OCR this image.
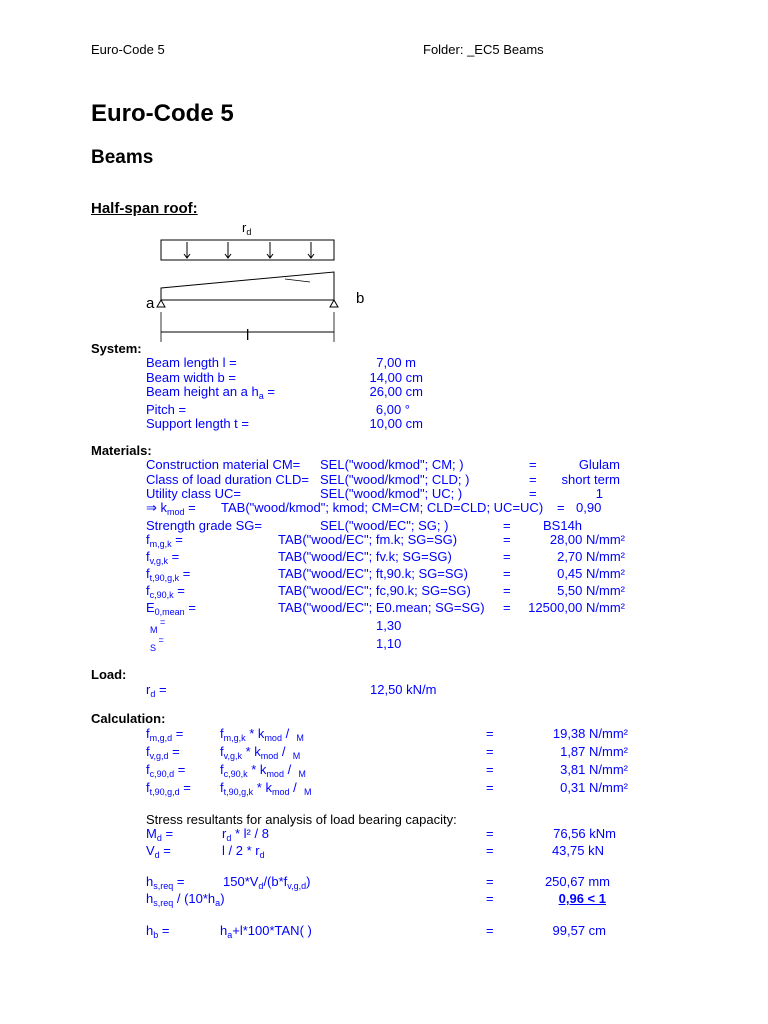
Euro-Code 5	Folder: _EC5 Beams
Euro-Code 5
Beams
Half-span roof:
$r_d$
a	b
l
System:
Beam length l =	7,00 m
Beam width b =	14,00 cm
Beam height an a $h_a$ =	26,00 cm
Pitch =	6,00 °
Support length t =	10,00 cm
Materials:
Construction material CM= SEL("wood/kmod"; CM; )	=	Glulam
Class of load duration CLD= SEL("wood/kmod"; CLD; )	=	short term
Utility class UC=	SEL("wood/kmod"; UC; )	=	1
⇒ $k_{mod}$ = TAB("wood/kmod"; kmod; CM=CM; CLD=CLD; UC=UC) = 0,90
Strength grade SG=	SEL("wood/EC"; SG; )	= BS14h
$f_{m,g,k}$ =	TAB("wood/EC"; fm.k; SG=SG)	=	28,00 N/mm²
$f_{v,g,k}$ =	TAB("wood/EC"; fv.k; SG=SG)	=	2,70 N/mm²
$f_{t,90,g,k}$ =	TAB("wood/EC"; ft,90.k; SG=SG)	=	0,45 N/mm²
$f_{c,90,k}$ =	TAB("wood/EC"; fc,90.k; SG=SG) =	5,50 N/mm²
$E_{0,mean}$ =	TAB("wood/EC"; E0.mean; SG=SG) =	12500,00 N/mm²
$_M$ =	1,30
$_S$ =	1,10
Load:
$r_d$ =	12,50 kN/m
Calculation:
$f_{m,g,d}$ =	$f_{m,g,k} * k_{mod} / _M$	=	19,38 N/mm²
$f_{v,g,d}$ =	$f_{v,g,k} * k_{mod} / _M$	=	1,87 N/mm²
$f_{c,90,d}$ =	$f_{c,90,k} * k_{mod} / _M$	=	3,81 N/mm²
$f_{t,90,g,d} = f_{t,90,g,k} * k_{mod} / _M$	=	0,31 N/mm²
Stress resultants for analysis of load bearing capacity:
$M_d$ =	$r_d * l^2 / 8$	=	76,56 kNm
$V_d$ =	l / $2 * r_d$	=	43,75 kN
$h_{s,req}$ =	$150*V_d/(b*f_{v,g,d})$	=	250,67 mm
$h_{s,req} / (10*h_a)$	=	0,96 < 1
$h_b$ =	$h_a+l*100*TAN$( )	=	99,57 cm
